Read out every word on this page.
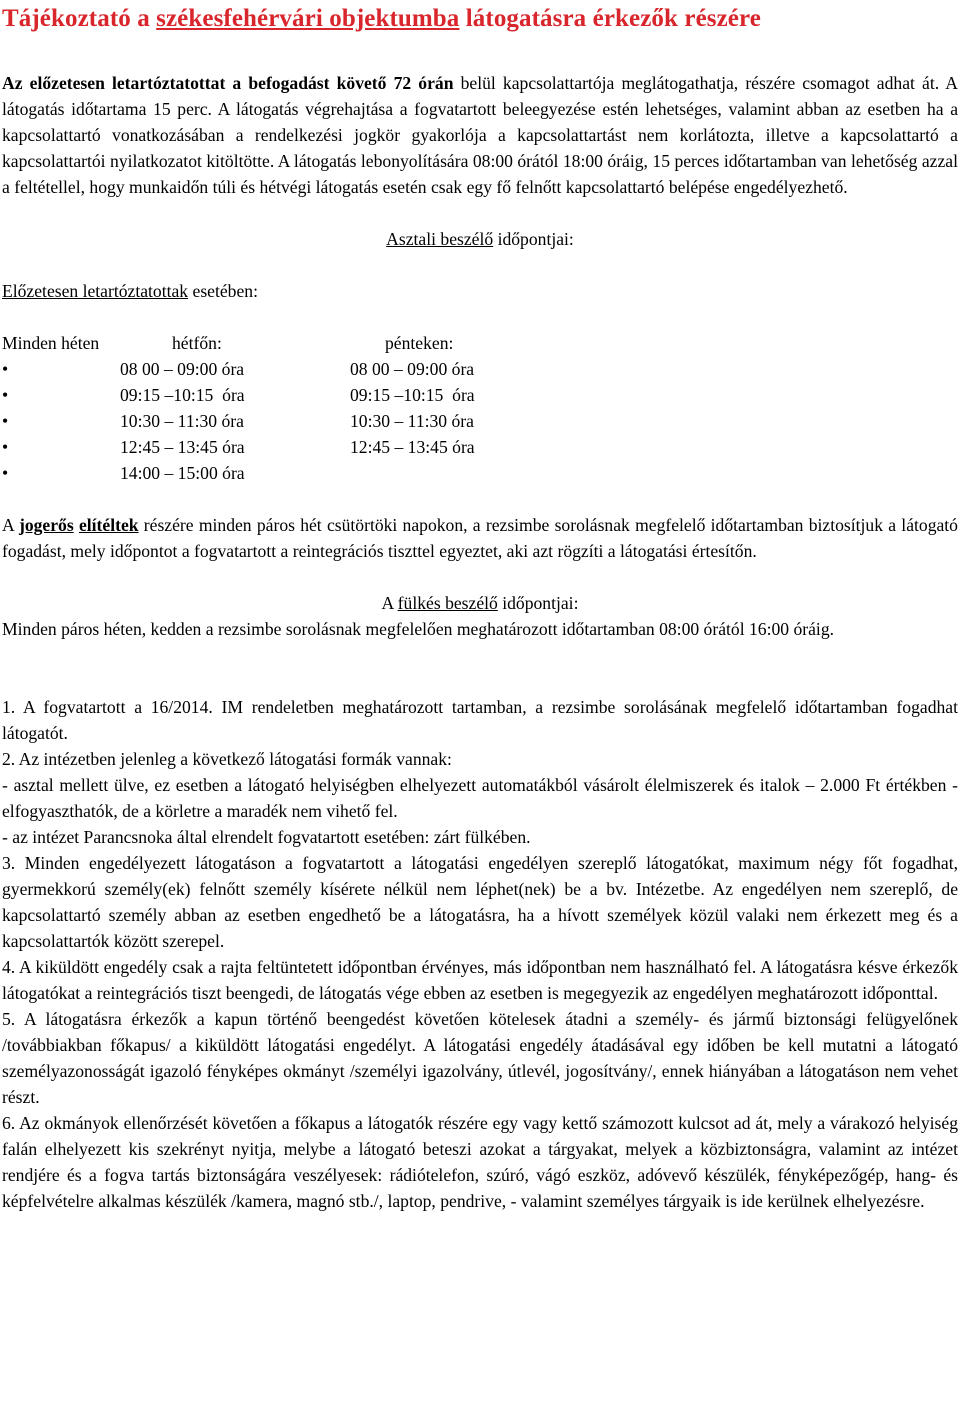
Tájékoztató a székesfehérvári objektumba látogatásra érkezők részére

Az előzetesen letartóztatottat a befogadást követő 72 órán belül kapcsolattartója meglátogathatja, részére csomagot adhat át. A látogatás időtartama 15 perc. A látogatás végrehajtása a fogvatartott beleegyezése estén lehetséges, valamint abban az esetben ha a kapcsolattartó vonatkozásában a rendelkezési jogkör gyakorlója a kapcsolattartást nem korlátozta, illetve a kapcsolattartó a kapcsolattartói nyilatkozatot kitöltötte. A látogatás lebonyolítására 08:00 órától 18:00 óráig, 15 perces időtartamban van lehetőség azzal a feltétellel, hogy munkaidőn túli és hétvégi látogatás esetén csak egy fő felnőtt kapcsolattartó belépése engedélyezhető.

Asztali beszélő időpontjai:

Előzetesen letartóztatottak esetében:

Minden héten	hétfőn:	pénteken:
•	08 00 – 09:00 óra	08 00 – 09:00 óra
•	09:15 –10:15  óra	09:15 –10:15  óra
•	10:30 – 11:30 óra	10:30 – 11:30 óra
•	12:45 – 13:45 óra	12:45 – 13:45 óra
•	14:00 – 15:00 óra

A jogerős elítéltek részére minden páros hét csütörtöki napokon, a rezsimbe sorolásnak megfelelő időtartamban biztosítjuk a látogató fogadást, mely időpontot a fogvatartott a reintegrációs tiszttel egyeztet, aki azt rögzíti a látogatási értesítőn.

A fülkés beszélő időpontjai:

Minden páros héten, kedden a rezsimbe sorolásnak megfelelően meghatározott időtartamban 08:00 órától 16:00 óráig.

1. A fogvatartott a 16/2014. IM rendeletben meghatározott tartamban, a rezsimbe sorolásának megfelelő időtartamban fogadhat látogatót.

2. Az intézetben jelenleg a következő látogatási formák vannak:

- asztal mellett ülve, ez esetben a látogató helyiségben elhelyezett automatákból vásárolt élelmiszerek és italok – 2.000 Ft értékben - elfogyaszthatók, de a körletre a maradék nem vihető fel.

- az intézet Parancsnoka által elrendelt fogvatartott esetében: zárt fülkében.

3. Minden engedélyezett látogatáson a fogvatartott a látogatási engedélyen szereplő látogatókat, maximum négy főt fogadhat, gyermekkorú személy(ek) felnőtt személy kísérete nélkül nem léphet(nek) be a bv. Intézetbe. Az engedélyen nem szereplő, de kapcsolattartó személy abban az esetben engedhető be a látogatásra, ha a hívott személyek közül valaki nem érkezett meg és a kapcsolattartók között szerepel.

4. A kiküldött engedély csak a rajta feltüntetett időpontban érvényes, más időpontban nem használható fel. A látogatásra késve érkezők látogatókat a reintegrációs tiszt beengedi, de látogatás vége ebben az esetben is megegyezik az engedélyen meghatározott időponttal.

5. A látogatásra érkezők a kapun történő beengedést követően kötelesek átadni a személy- és jármű biztonsági felügyelőnek /továbbiakban főkapus/ a kiküldött látogatási engedélyt. A látogatási engedély átadásával egy időben be kell mutatni a látogató személyazonosságát igazoló fényképes okmányt /személyi igazolvány, útlevél, jogosítvány/, ennek hiányában a látogatáson nem vehet részt.

6. Az okmányok ellenőrzését követően a főkapus a látogatók részére egy vagy kettő számozott kulcsot ad át, mely a várakozó helyiség falán elhelyezett kis szekrényt nyitja, melybe a látogató beteszi azokat a tárgyakat, melyek a közbiztonságra, valamint az intézet rendjére és a fogva tartás biztonságára veszélyesek: rádiótelefon, szúró, vágó eszköz, adóvevő készülék, fényképezőgép, hang- és képfelvételre alkalmas készülék /kamera, magnó stb./, laptop, pendrive, - valamint személyes tárgyaik is ide kerülnek elhelyezésre.
